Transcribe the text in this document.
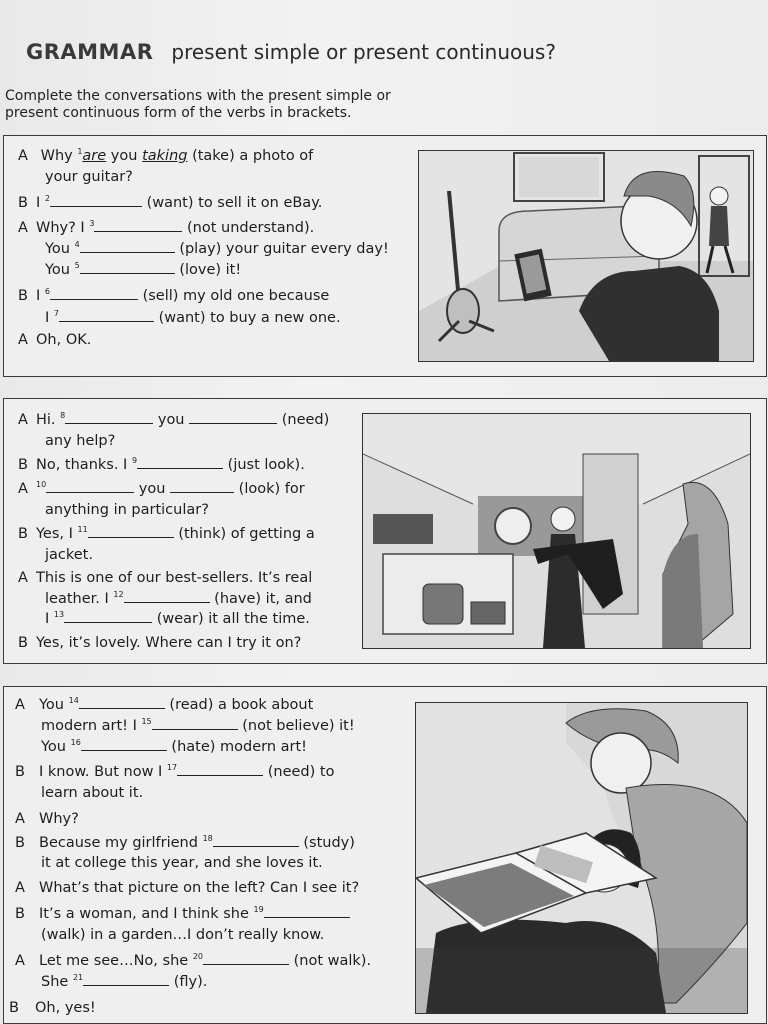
GRAMMAR present simple or present continuous?
Complete the conversations with the present simple or present continuous form of the verbs in brackets.
A Why $^1$are you taking (take) a photo of
your guitar?
B I $^2$	(want) to sell it on eBay.
A Why? I $^3$	(not understand).
You $^4$	(play) your guitar every day!
You $^5$	(love) it!
B I $^6$	(sell) my old one because
I $^7$	(want) to buy a new one.
A Oh, OK.
A Hi. $^8$	you	(need)
any help?
B No, thanks. I $^9$	(just look).
A $^{10}$	you	(look) for
anything in particular?
B Yes, I $^{11}$	(think) of getting a
jacket.
A This is one of our best-sellers. It’s real
leather. I $^{12}$	(have) it, and
I $^{13}$	(wear) it all the time.
B Yes, it’s lovely. Where can I try it on?
A You $^{14}$	(read) a book about
modern art! I $^{15}$	(not believe) it!
You $^{16}$	(hate) modern art!
B I know. But now I $^{17}$	(need) to
learn about it.
A Why?
B Because my girlfriend $^{18}$	(study)
it at college this year, and she loves it.
A What’s that picture on the left? Can I see it?
B It’s a woman, and I think she $^{19}$
(walk) in a garden…I don’t really know.
A Let me see…No, she $^{20}$	(not walk).
She $^{21}$	(fly).
B Oh, yes!
